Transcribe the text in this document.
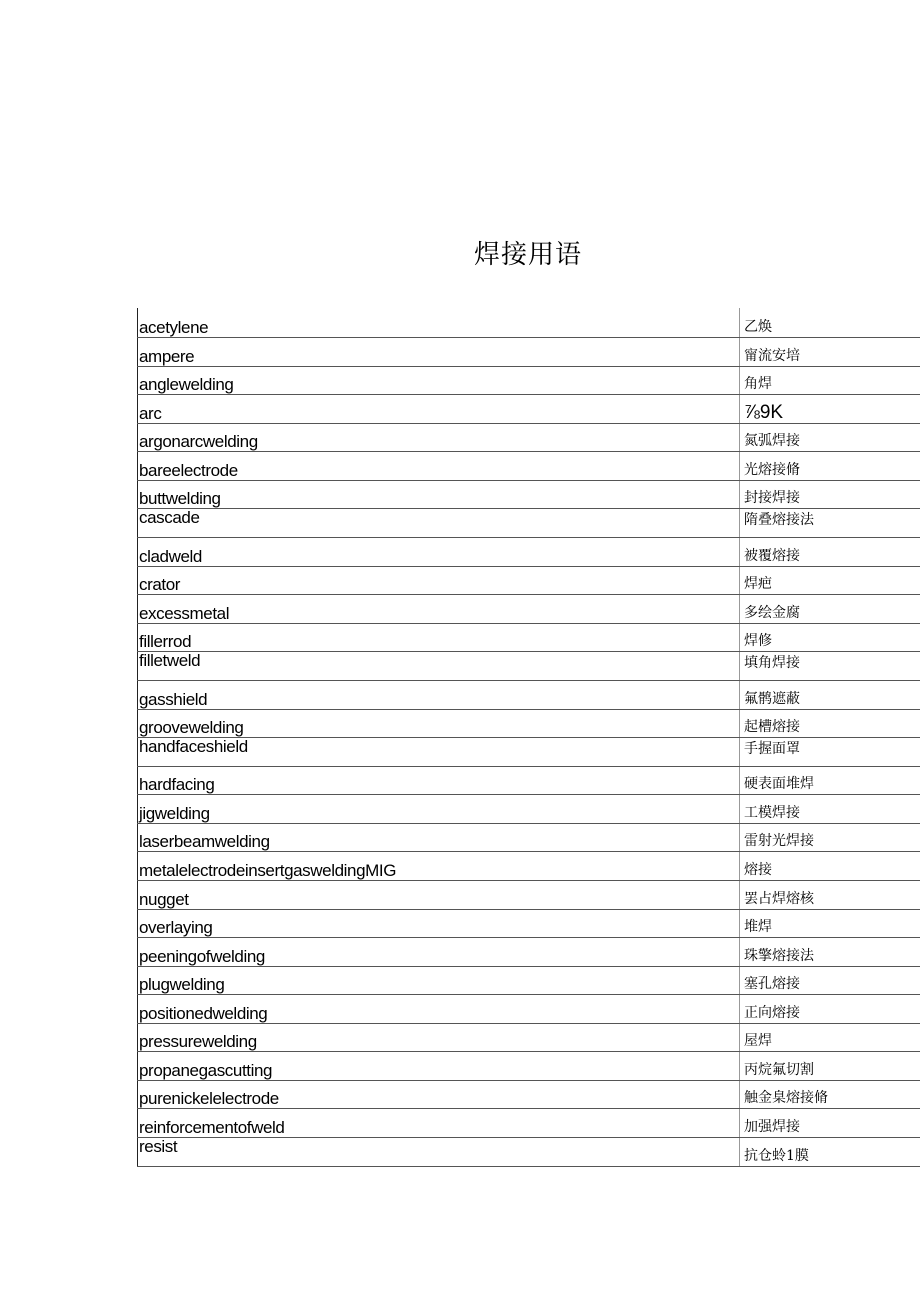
焊接用语
acetylene	乙焕
ampere	甯流安培
anglewelding	角焊
arc	⅞9K
argonarcwelding	氮弧焊接
bareelectrode	光熔接脩
buttwelding	封接焊接
cascade	隋叠熔接法
cladweld	被覆熔接
crator	焊疤
excessmetal	多绘金腐
fillerrod	焊修
filletweld	填角焊接
gasshield	氟鹘遮蔽
groovewelding	起槽熔接
handfaceshield	手握面罩
hardfacing	硬表面堆焊
jigwelding	工模焊接
laserbeamwelding	雷射光焊接
metalelectrodeinsertgasweldingMIG	熔接
nugget	罢占焊熔核
overlaying	堆焊
peeningofwelding	珠擎熔接法
plugwelding	塞孔熔接
positionedwelding	正向熔接
pressurewelding	屋焊
propanegascutting	丙烷氟切割
purenickelelectrode	触金臬熔接脩
reinforcementofweld	加强焊接
resist	抗仓蛉1膜
